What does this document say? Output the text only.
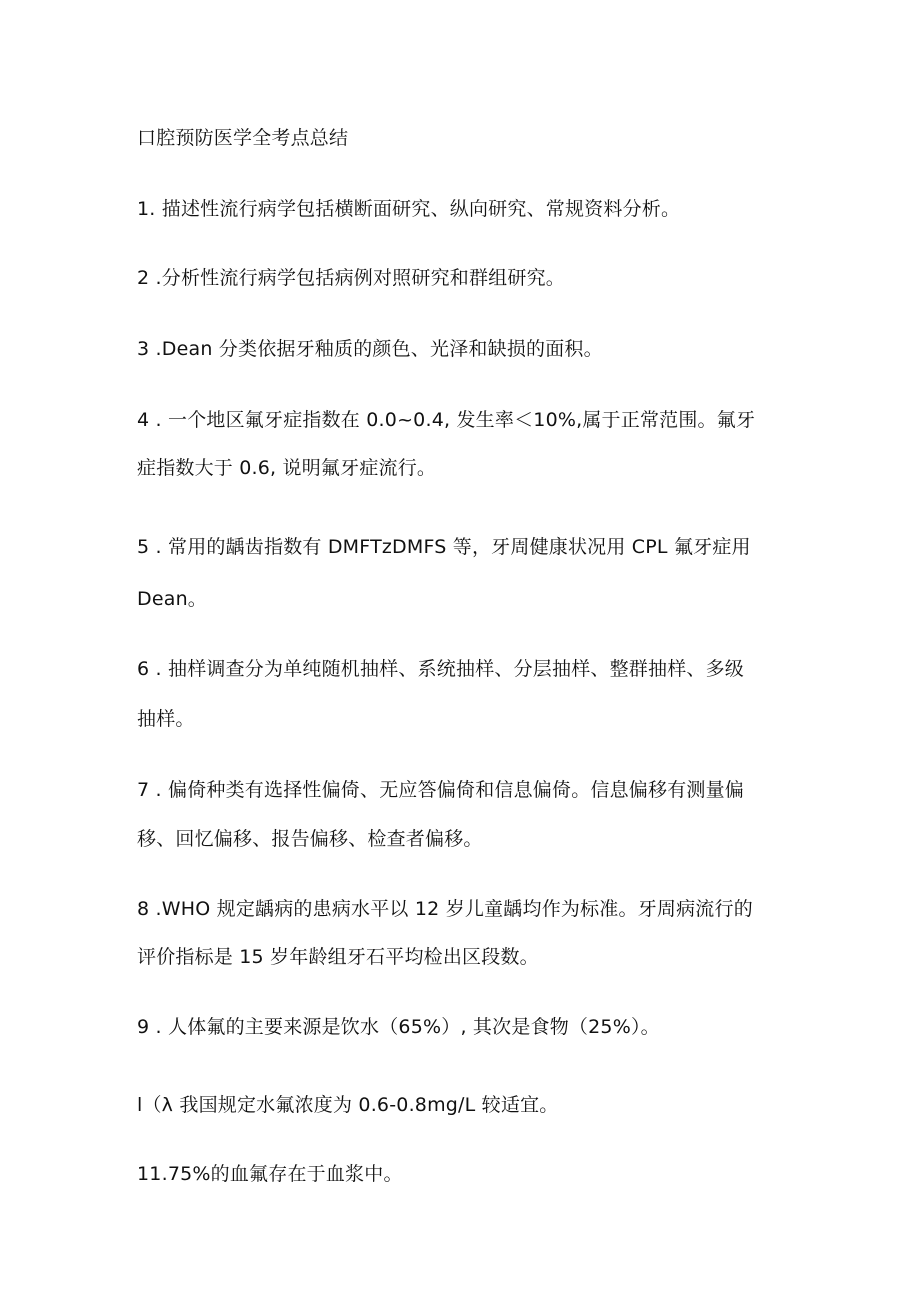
口腔预防医学全考点总结
1. 描述性流行病学包括横断面研究、纵向研究、常规资料分析。
2 .分析性流行病学包括病例对照研究和群组研究。
3 .Dean 分类依据牙釉质的颜色、光泽和缺损的面积。
4 . 一个地区氟牙症指数在 0.0~0.4, 发生率＜10%,属于正常范围。氟牙
症指数大于 0.6, 说明氟牙症流行。
5 . 常用的龋齿指数有 DMFTzDMFS 等，牙周健康状况用 CPL 氟牙症用
Dean。
6 . 抽样调查分为单纯随机抽样、系统抽样、分层抽样、整群抽样、多级
抽样。
7 . 偏倚种类有选择性偏倚、无应答偏倚和信息偏倚。信息偏移有测量偏
移、回忆偏移、报告偏移、检查者偏移。
8 .WHO 规定龋病的患病水平以 12 岁儿童龋均作为标准。牙周病流行的
评价指标是 15 岁年龄组牙石平均检出区段数。
9 . 人体氟的主要来源是饮水（65%）, 其次是食物（25%）。
l（λ 我国规定水氟浓度为 0.6-0.8mg∕L 较适宜。
11.75%的血氟存在于血浆中。
